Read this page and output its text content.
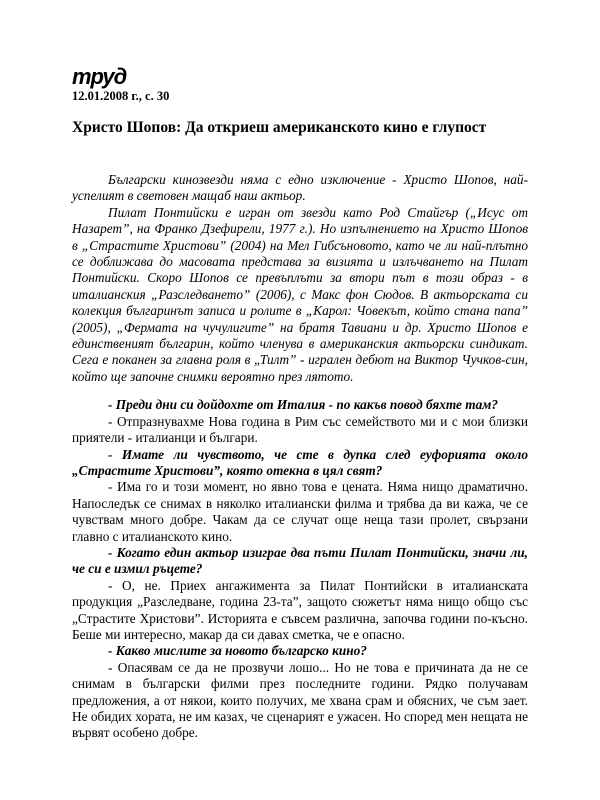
труд
12.01.2008 г., с. 30
Христо Шопов: Да откриеш американското кино е глупост

Български кинозвезди няма с едно изключение - Христо Шопов, най-успелият в световен мащаб наш актьор.

Пилат Понтийски е игран от звезди като Род Стайгър („Исус от Назарет”, на Франко Дзефирели, 1977 г.). Но изпълнението на Христо Шопов в „Страстите Христови” (2004) на Мел Гибсъновото, като че ли най-плътно се доближава до масовата представа за визията и излъчването на Пилат Понтийски. Скоро Шопов се превъплъти за втори път в този образ - в италианския „Разследването” (2006), с Макс фон Сюдов. В актьорската си колекция българинът записа и ролите в „Карол: Човекът, който стана папа” (2005), „Фермата на чучулигите” на братя Тавиани и др. Христо Шопов е единственият българин, който членува в американския актьорски синдикат. Сега е поканен за главна роля в „Тилт” - игрален дебют на Виктор Чучков-син, който ще започне снимки вероятно през лятото.

- Преди дни си дойдохте от Италия - по какъв повод бяхте там?

- Отпразнувахме Нова година в Рим със семейството ми и с мои близки приятели - италианци и българи.

- Имате ли чувството, че сте в дупка след еуфорията около „Страстите Христови”, която отекна в цял свят?

- Има го и този момент, но явно това е цената. Няма нищо драматично. Напоследък се снимах в няколко италиански филма и трябва да ви кажа, че се чувствам много добре. Чакам да се случат още неща тази пролет, свързани главно с италианското кино.

- Когато един актьор изиграе два пъти Пилат Понтийски, значи ли, че си е измил ръцете?

- О, не. Приех ангажимента за Пилат Понтийски в италианската продукция „Разследване, година 23-та”, защото сюжетът няма нищо общо със „Страстите Христови”. Историята е съвсем различна, започва години по-късно. Беше ми интересно, макар да си давах сметка, че е опасно.

- Какво мислите за новото българско кино?

- Опасявам се да не прозвучи лошо... Но не това е причината да не се снимам в български филми през последните години. Рядко получавам предложения, а от някои, които получих, ме хвана срам и обясних, че съм зает. Не обидих хората, не им казах, че сценарият е ужасен. Но според мен нещата не вървят особено добре.
